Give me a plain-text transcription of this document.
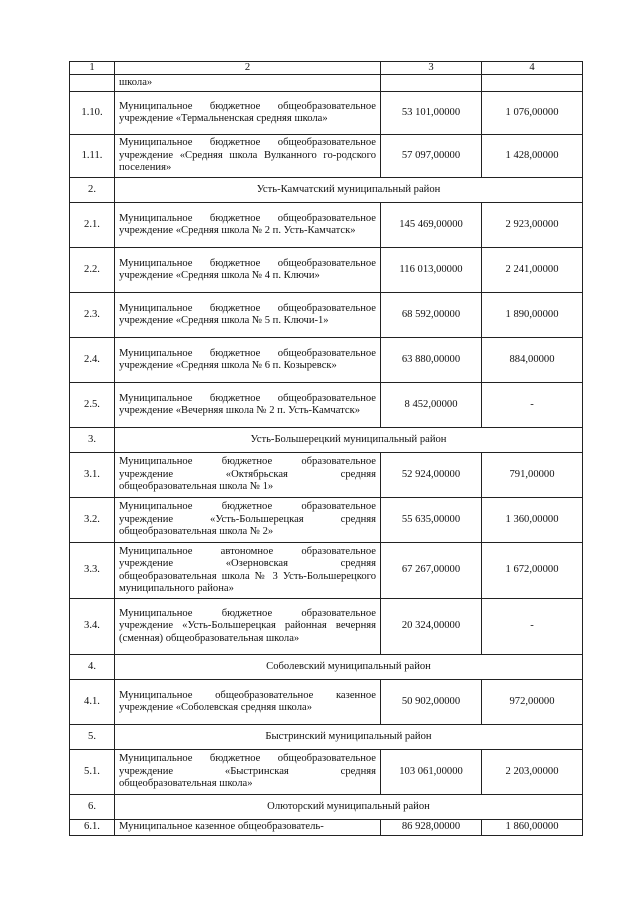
1	2	3	4
	школа»		
1.10.	Муниципальное бюджетное общеобразовательное учреждение «Термальненская средняя школа»	53 101,00000	1 076,00000
1.11.	Муниципальное бюджетное общеобразовательное учреждение «Средняя школа Вулканного го-родского поселения»	57 097,00000	1 428,00000
2.	Усть-Камчатский муниципальный район		
2.1.	Муниципальное бюджетное общеобразовательное учреждение «Средняя школа № 2 п. Усть-Камчатск»	145 469,00000	2 923,00000
2.2.	Муниципальное бюджетное общеобразовательное учреждение «Средняя школа № 4 п. Ключи»	116 013,00000	2 241,00000
2.3.	Муниципальное бюджетное общеобразовательное учреждение «Средняя школа № 5 п. Ключи-1»	68 592,00000	1 890,00000
2.4.	Муниципальное бюджетное общеобразовательное учреждение «Средняя школа № 6 п. Козыревск»	63 880,00000	884,00000
2.5.	Муниципальное бюджетное общеобразовательное учреждение «Вечерняя школа № 2 п. Усть-Камчатск»	8 452,00000	-
3.	Усть-Большерецкий муниципальный район		
3.1.	Муниципальное бюджетное образовательное учреждение «Октябрьская средняя общеобразовательная школа № 1»	52 924,00000	791,00000
3.2.	Муниципальное бюджетное образовательное учреждение «Усть-Большерецкая средняя общеобразовательная школа № 2»	55 635,00000	1 360,00000
3.3.	Муниципальное автономное образовательное учреждение «Озерновская средняя общеобразовательная школа № 3 Усть-Большерецкого муниципального района»	67 267,00000	1 672,00000
3.4.	Муниципальное бюджетное образовательное учреждение «Усть-Большерецкая районная вечерняя (сменная) общеобразовательная школа»	20 324,00000	-
4.	Соболевский муниципальный район		
4.1.	Муниципальное общеобразовательное казенное учреждение «Соболевская средняя школа»	50 902,00000	972,00000
5.	Быстринский муниципальный район		
5.1.	Муниципальное бюджетное общеобразовательное учреждение «Быстринская средняя общеобразовательная школа»	103 061,00000	2 203,00000
6.	Олюторский муниципальный район		
6.1.	Муниципальное казенное общеобразователь-	86 928,00000	1 860,00000
